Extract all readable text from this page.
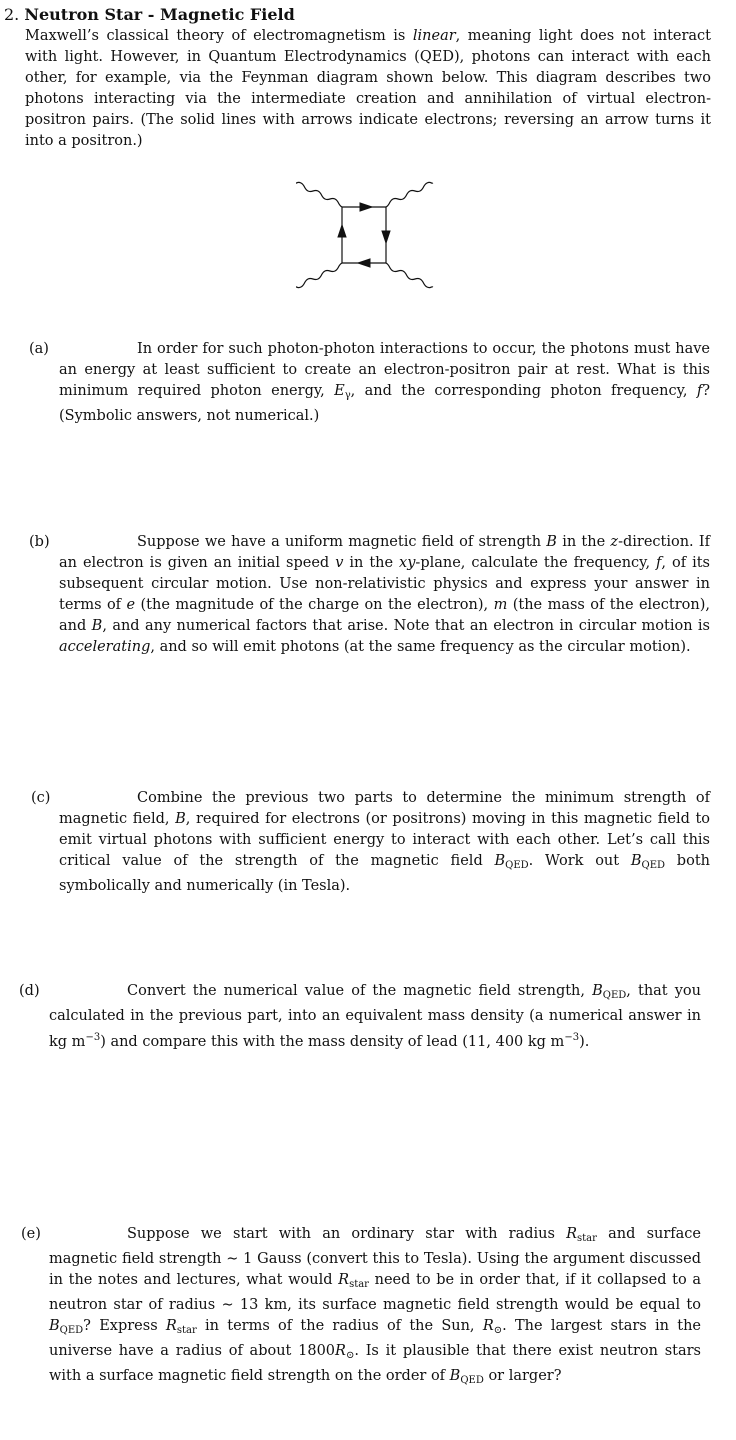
2. Neutron Star - Magnetic Field
Maxwell’s classical theory of electromagnetism is linear, meaning light does not interact with light. However, in Quantum Electrodynamics (QED), photons can interact with each other, for example, via the Feynman diagram shown below. This diagram describes two photons interacting via the intermediate creation and annihilation of virtual electron-positron pairs. (The solid lines with arrows indicate electrons; reversing an arrow turns it into a positron.)
(a)	In order for such photon-photon interactions to occur, the photons must have an energy at least sufficient to create an electron-positron pair at rest. What is this minimum required photon energy, $E_\gamma$, and the corresponding photon frequency, f? (Symbolic answers, not numerical.)
(b)	Suppose we have a uniform magnetic field of strength B in the z-direction. If an electron is given an initial speed v in the xy-plane, calculate the frequency, f, of its subsequent circular motion. Use non-relativistic physics and express your answer in terms of e (the magnitude of the charge on the electron), m (the mass of the electron), and B, and any numerical factors that arise. Note that an electron in circular motion is accelerating, and so will emit photons (at the same frequency as the circular motion).
(c)	Combine the previous two parts to determine the minimum strength of magnetic field, B, required for electrons (or positrons) moving in this magnetic field to emit virtual photons with sufficient energy to interact with each other. Let’s call this critical value of the strength of the magnetic field $B_{QED}$. Work out $B_{QED}$ both symbolically and numerically (in Tesla).
(d)	Convert the numerical value of the magnetic field strength, $B_{QED}$, that you calculated in the previous part, into an equivalent mass density (a numerical answer in kg $m^{-3}$) and compare this with the mass density of lead (11, 400 kg $m^{-3}$).
(e)	Suppose we start with an ordinary star with radius $R_{star}$ and surface magnetic field strength ∼ 1 Gauss (convert this to Tesla). Using the argument discussed in the notes and lectures, what would $R_{star}$ need to be in order that, if it collapsed to a neutron star of radius ∼ 13 km, its surface magnetic field strength would be equal to $B_{QED}$? Express $R_{star}$ in terms of the radius of the Sun, $R_⊙$. The largest stars in the universe have a radius of about $1800R_⊙$. Is it plausible that there exist neutron stars with a surface magnetic field strength on the order of $B_{QED}$ or larger?
